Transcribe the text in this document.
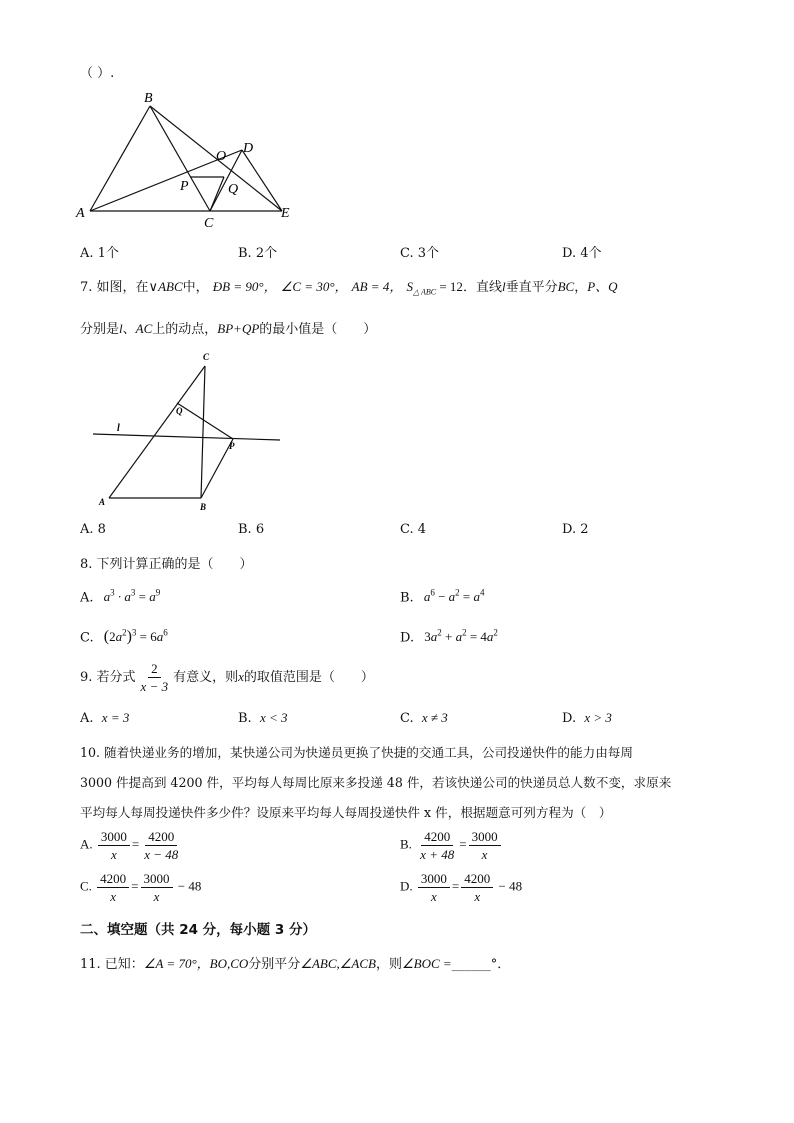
（ ）.
B
A
C
E
D
O
P	Q
A. 1个	B. 2个	C. 3个	D. 4个
7. 如图，在∨ABC中， ÐB = 90°， ∠C = 30°， AB = 4， $S_{\triangle ABC} = 12$．直线l垂直平分BC，P、Q
分别是l、AC上的动点，BP+QP的最小值是（　　）
C
Q
l
P
A	B
A. 8	B. 6	C. 4	D. 2
8. 下列计算正确的是（　　）
A. $a^3 \cdot a^3 = a^9$	B. $a^6 - a^2 = a^4$
C. $(2a^2)^3 = 6a^6$	D. $3a^2 + a^2 = 4a^2$
9. 若分式 $\frac{2}{x - 3}$ 有意义，则x的取值范围是（　　）
A. x = 3	B. x < 3	C. x ≠ 3	D. x > 3
10. 随着快递业务的增加，某快递公司为快递员更换了快捷的交通工具，公司投递快件的能力由每周
3000 件提高到 4200 件，平均每人每周比原来多投递 48 件，若该快递公司的快递员总人数不变，求原来
平均每人每周投递快件多少件？设原来平均每人每周投递快件 x 件，根据题意可列方程为（　）
A. $\frac{3000}{x} = \frac{4200}{x - 48}$	B. $\frac{4200}{x + 48} = \frac{3000}{x}$
C. $\frac{4200}{x} = \frac{3000}{x} - 48$	D. $\frac{3000}{x} = \frac{4200}{x} - 48$
二、填空题（共 24 分，每小题 3 分）
11. 已知：∠A = 70°，BO,CO分别平分∠ABC,∠ACB，则∠BOC =______°．
